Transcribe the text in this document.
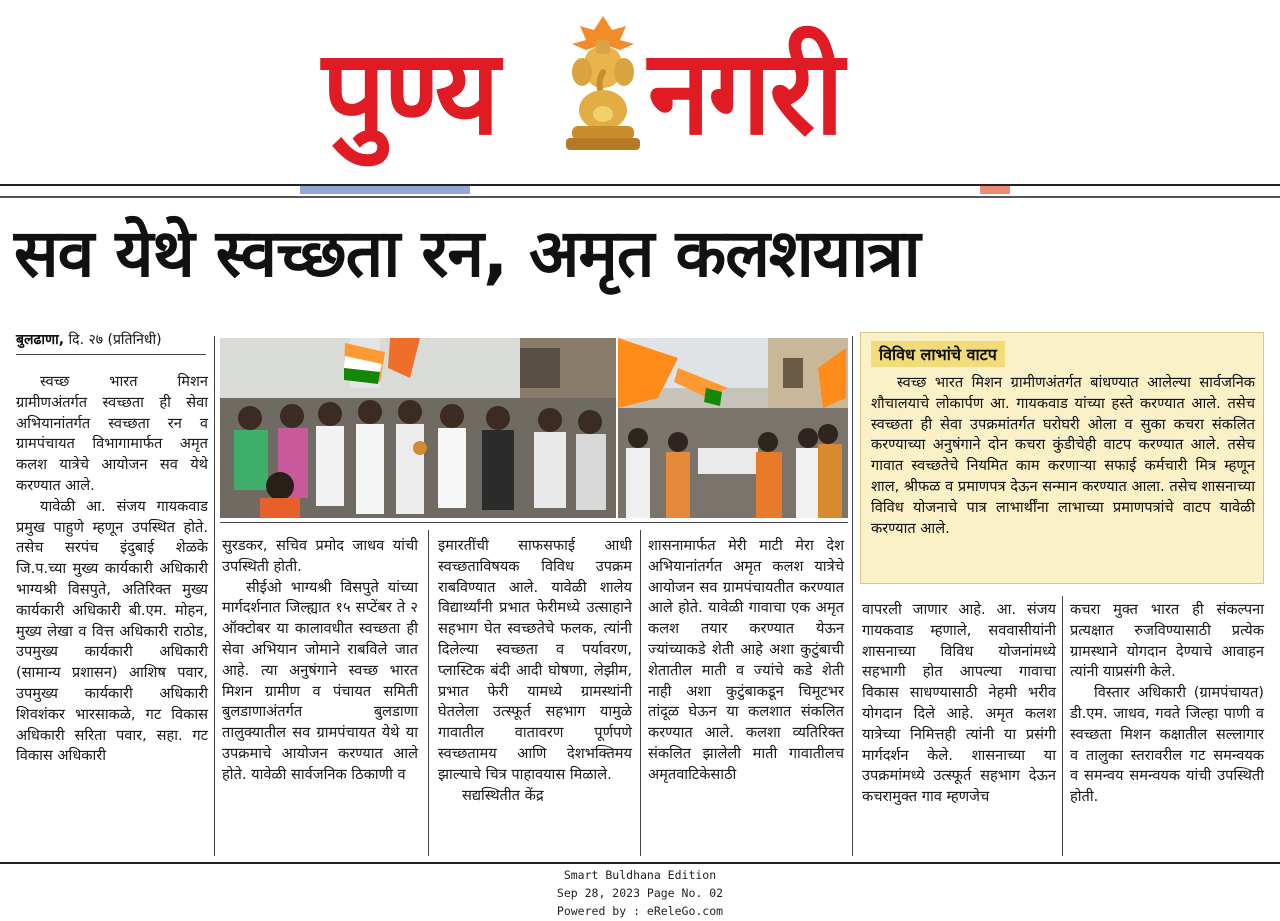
पुण्य नगरी
सव येथे स्वच्छता रन, अमृत कलशयात्रा
बुलढाणा, दि. २७ (प्रतिनिधी)

स्वच्छ भारत मिशन ग्रामीणअंतर्गत स्वच्छता ही सेवा अभियानांतर्गत स्वच्छता रन व ग्रामपंचायत विभागामार्फत अमृत कलश यात्रेचे आयोजन सव येथे करण्यात आले.

यावेळी आ. संजय गायकवाड प्रमुख पाहुणे म्हणून उपस्थित होते. तसेच सरपंच इंदुबाई शेळके जि.प.च्या मुख्य कार्यकारी अधिकारी भाग्यश्री विसपुते, अतिरिक्त मुख्य कार्यकारी अधिकारी बी.एम. मोहन, मुख्य लेखा व वित्त अधिकारी राठोड, उपमुख्य कार्यकारी अधिकारी (सामान्य प्रशासन) आशिष पवार, उपमुख्य कार्यकारी अधिकारी शिवशंकर भारसाकळे, गट विकास अधिकारी सरिता पवार, सहा. गट विकास अधिकारी

सुरडकर, सचिव प्रमोद जाधव यांची उपस्थिती होती.

सीईओ भाग्यश्री विसपुते यांच्या मार्गदर्शनात जिल्ह्यात १५ सप्टेंबर ते २ ऑक्टोबर या कालावधीत स्वच्छता ही सेवा अभियान जोमाने राबविले जात आहे. त्या अनुषंगाने स्वच्छ भारत मिशन ग्रामीण व पंचायत समिती बुलडाणाअंतर्गत बुलडाणा तालुक्यातील सव ग्रामपंचायत येथे या उपक्रमाचे आयोजन करण्यात आले होते. यावेळी सार्वजनिक ठिकाणी व

इमारतींची साफसफाई आधी स्वच्छताविषयक विविध उपक्रम राबविण्यात आले. यावेळी शालेय विद्यार्थ्यांनी प्रभात फेरीमध्ये उत्साहाने सहभाग घेत स्वच्छतेचे फलक, त्यांनी दिलेल्या स्वच्छता व पर्यावरण, प्लास्टिक बंदी आदी घोषणा, लेझीम, प्रभात फेरी यामध्ये ग्रामस्थांनी घेतलेला उत्स्फूर्त सहभाग यामुळे गावातील वातावरण पूर्णपणे स्वच्छतामय आणि देशभक्तिमय झाल्याचे चित्र पाहावयास मिळाले.

सद्यस्थितीत केंद्र

शासनामार्फत मेरी माटी मेरा देश अभियानांतर्गत अमृत कलश यात्रेचे आयोजन सव ग्रामपंचायतीत करण्यात आले होते. यावेळी गावाचा एक अमृत कलश तयार करण्यात येऊन ज्यांच्याकडे शेती आहे अशा कुटुंबाची शेतातील माती व ज्यांचे कडे शेती नाही अशा कुटुंबाकडून चिमूटभर तांदूळ घेऊन या कलशात संकलित करण्यात आले. कलशा व्यतिरिक्त संकलित झालेली माती गावातीलच अमृतवाटिकेसाठी

विविध लाभांचे वाटप

स्वच्छ भारत मिशन ग्रामीणअंतर्गत बांधण्यात आलेल्या सार्वजनिक शौचालयाचे लोकार्पण आ. गायकवाड यांच्या हस्ते करण्यात आले. तसेच स्वच्छता ही सेवा उपक्रमांतर्गत घरोघरी ओला व सुका कचरा संकलित करण्याच्या अनुषंगाने दोन कचरा कुंडीचेही वाटप करण्यात आले. तसेच गावात स्वच्छतेचे नियमित काम करणाऱ्या सफाई कर्मचारी मित्र म्हणून शाल, श्रीफळ व प्रमाणपत्र देऊन सन्मान करण्यात आला. तसेच शासनाच्या विविध योजनाचे पात्र लाभार्थींना लाभाच्या प्रमाणपत्रांचे वाटप यावेळी करण्यात आले.

वापरली जाणार आहे. आ. संजय गायकवाड म्हणाले, सववासीयांनी शासनाच्या विविध योजनांमध्ये सहभागी होत आपल्या गावाचा विकास साधण्यासाठी नेहमी भरीव योगदान दिले आहे. अमृत कलश यात्रेच्या निमित्तही त्यांनी या प्रसंगी मार्गदर्शन केले. शासनाच्या या उपक्रमांमध्ये उत्स्फूर्त सहभाग देऊन कचरामुक्त गाव म्हणजेच

कचरा मुक्त भारत ही संकल्पना प्रत्यक्षात रुजविण्यासाठी प्रत्येक ग्रामस्थाने योगदान देण्याचे आवाहन त्यांनी याप्रसंगी केले.

विस्तार अधिकारी (ग्रामपंचायत) डी.एम. जाधव, गवते जिल्हा पाणी व स्वच्छता मिशन कक्षातील सल्लागार व तालुका स्तरावरील गट समन्वयक व समन्वय समन्वयक यांची उपस्थिती होती.

Smart Buldhana Edition
Sep 28, 2023 Page No. 02
Powered by : eReleGo.com
